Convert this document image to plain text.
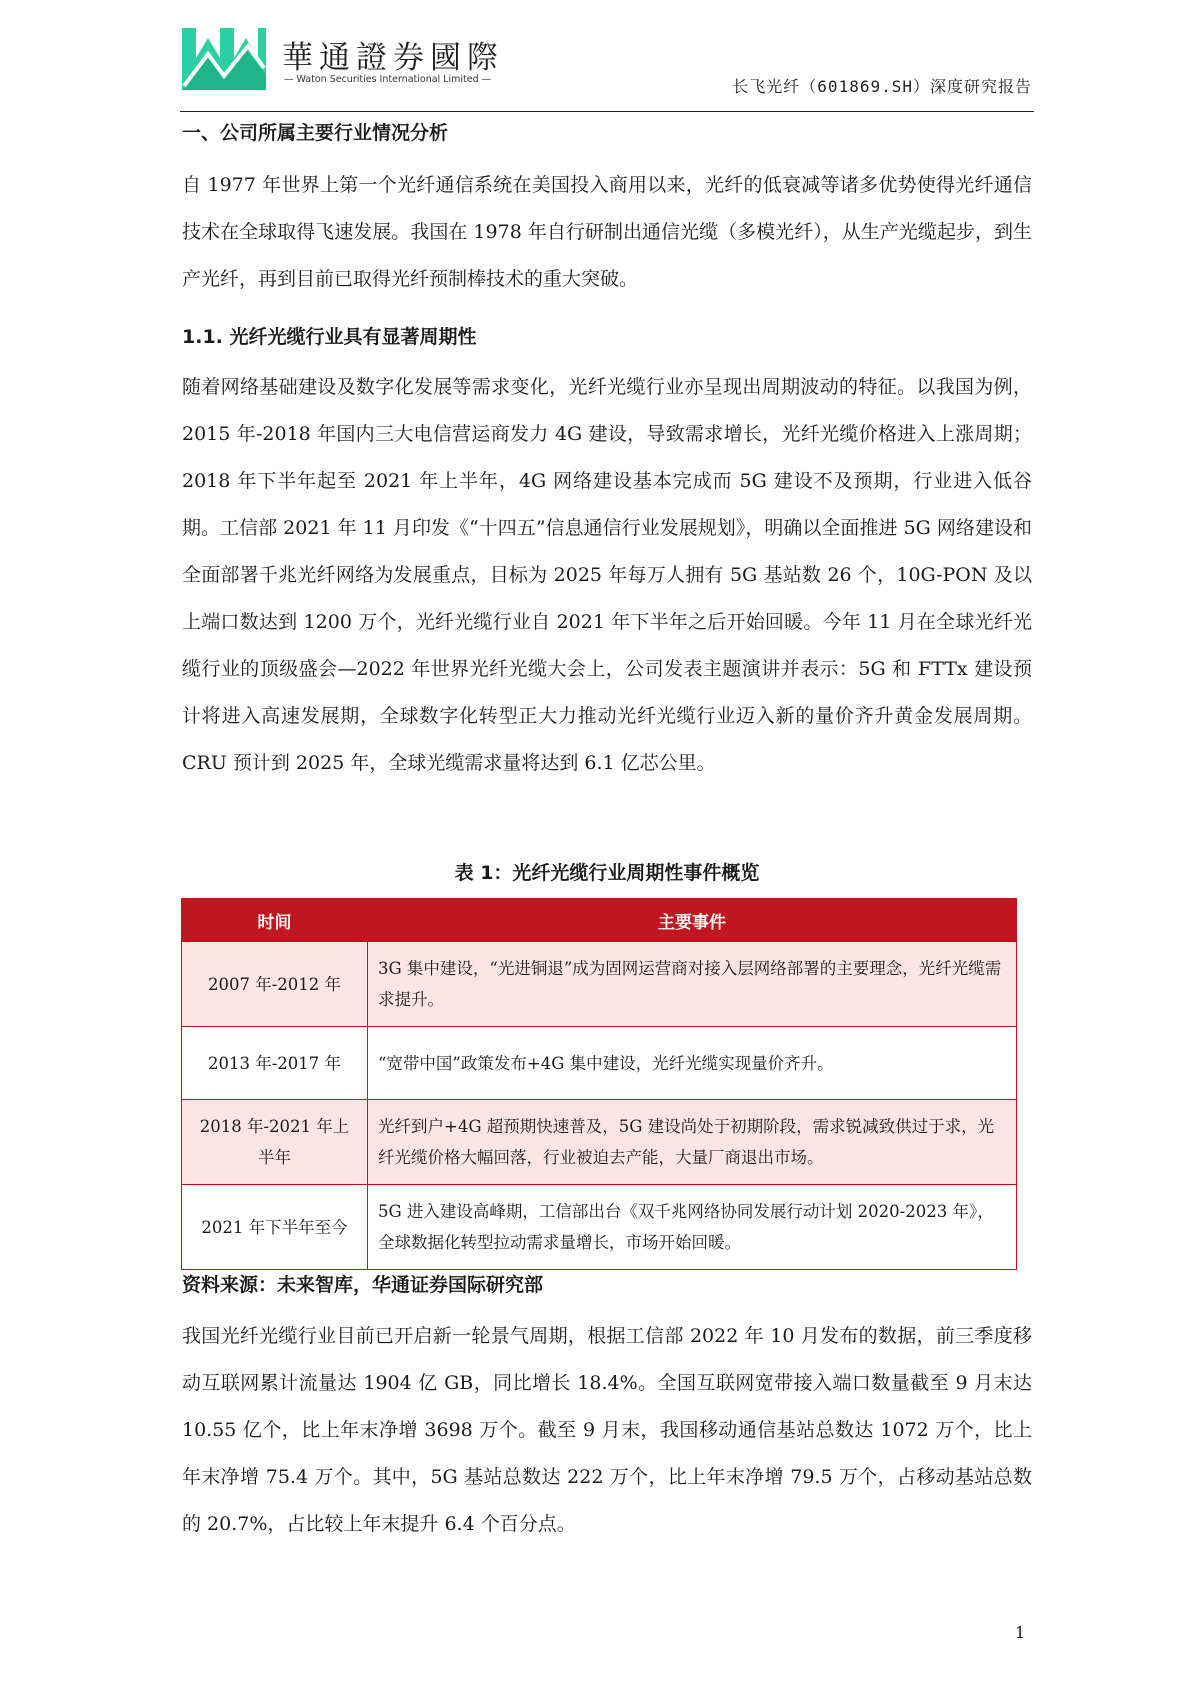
華通證券國際
— Waton Securities International Limited —	长飞光纤（601869.SH）深度研究报告
一、公司所属主要行业情况分析

自 1977 年世界上第一个光纤通信系统在美国投入商用以来，光纤的低衰减等诸多优势使得光纤通信技术在全球取得飞速发展。我国在 1978 年自行研制出通信光缆（多模光纤），从生产光缆起步，到生产光纤，再到目前已取得光纤预制棒技术的重大突破。

1.1. 光纤光缆行业具有显著周期性

随着网络基础建设及数字化发展等需求变化，光纤光缆行业亦呈现出周期波动的特征。以我国为例，2015 年-2018 年国内三大电信营运商发力 4G 建设，导致需求增长，光纤光缆价格进入上涨周期；2018 年下半年起至 2021 年上半年，4G 网络建设基本完成而 5G 建设不及预期，行业进入低谷期。工信部 2021 年 11 月印发《“十四五”信息通信行业发展规划》，明确以全面推进 5G 网络建设和全面部署千兆光纤网络为发展重点，目标为 2025 年每万人拥有 5G 基站数 26 个，10G-PON 及以上端口数达到 1200 万个，光纤光缆行业自 2021 年下半年之后开始回暖。今年 11 月在全球光纤光缆行业的顶级盛会—2022 年世界光纤光缆大会上，公司发表主题演讲并表示：5G 和 FTTx 建设预计将进入高速发展期，全球数字化转型正大力推动光纤光缆行业迈入新的量价齐升黄金发展周期。CRU 预计到 2025 年，全球光缆需求量将达到 6.1 亿芯公里。

表 1：光纤光缆行业周期性事件概览
时间	主要事件
2007 年-2012 年	3G 集中建设，“光进铜退”成为固网运营商对接入层网络部署的主要理念，光纤光缆需求提升。
2013 年-2017 年	“宽带中国”政策发布+4G 集中建设，光纤光缆实现量价齐升。
2018 年-2021 年上半年	光纤到户+4G 超预期快速普及，5G 建设尚处于初期阶段，需求锐减致供过于求，光纤光缆价格大幅回落，行业被迫去产能，大量厂商退出市场。
2021 年下半年至今	5G 进入建设高峰期，工信部出台《双千兆网络协同发展行动计划 2020-2023 年》，全球数据化转型拉动需求量增长，市场开始回暖。
资料来源：未来智库，华通证券国际研究部

我国光纤光缆行业目前已开启新一轮景气周期，根据工信部 2022 年 10 月发布的数据，前三季度移动互联网累计流量达 1904 亿 GB，同比增长 18.4%。全国互联网宽带接入端口数量截至 9 月末达 10.55 亿个，比上年末净增 3698 万个。截至 9 月末，我国移动通信基站总数达 1072 万个，比上年末净增 75.4 万个。其中，5G 基站总数达 222 万个，比上年末净增 79.5 万个，占移动基站总数的 20.7%，占比较上年末提升 6.4 个百分点。

1
